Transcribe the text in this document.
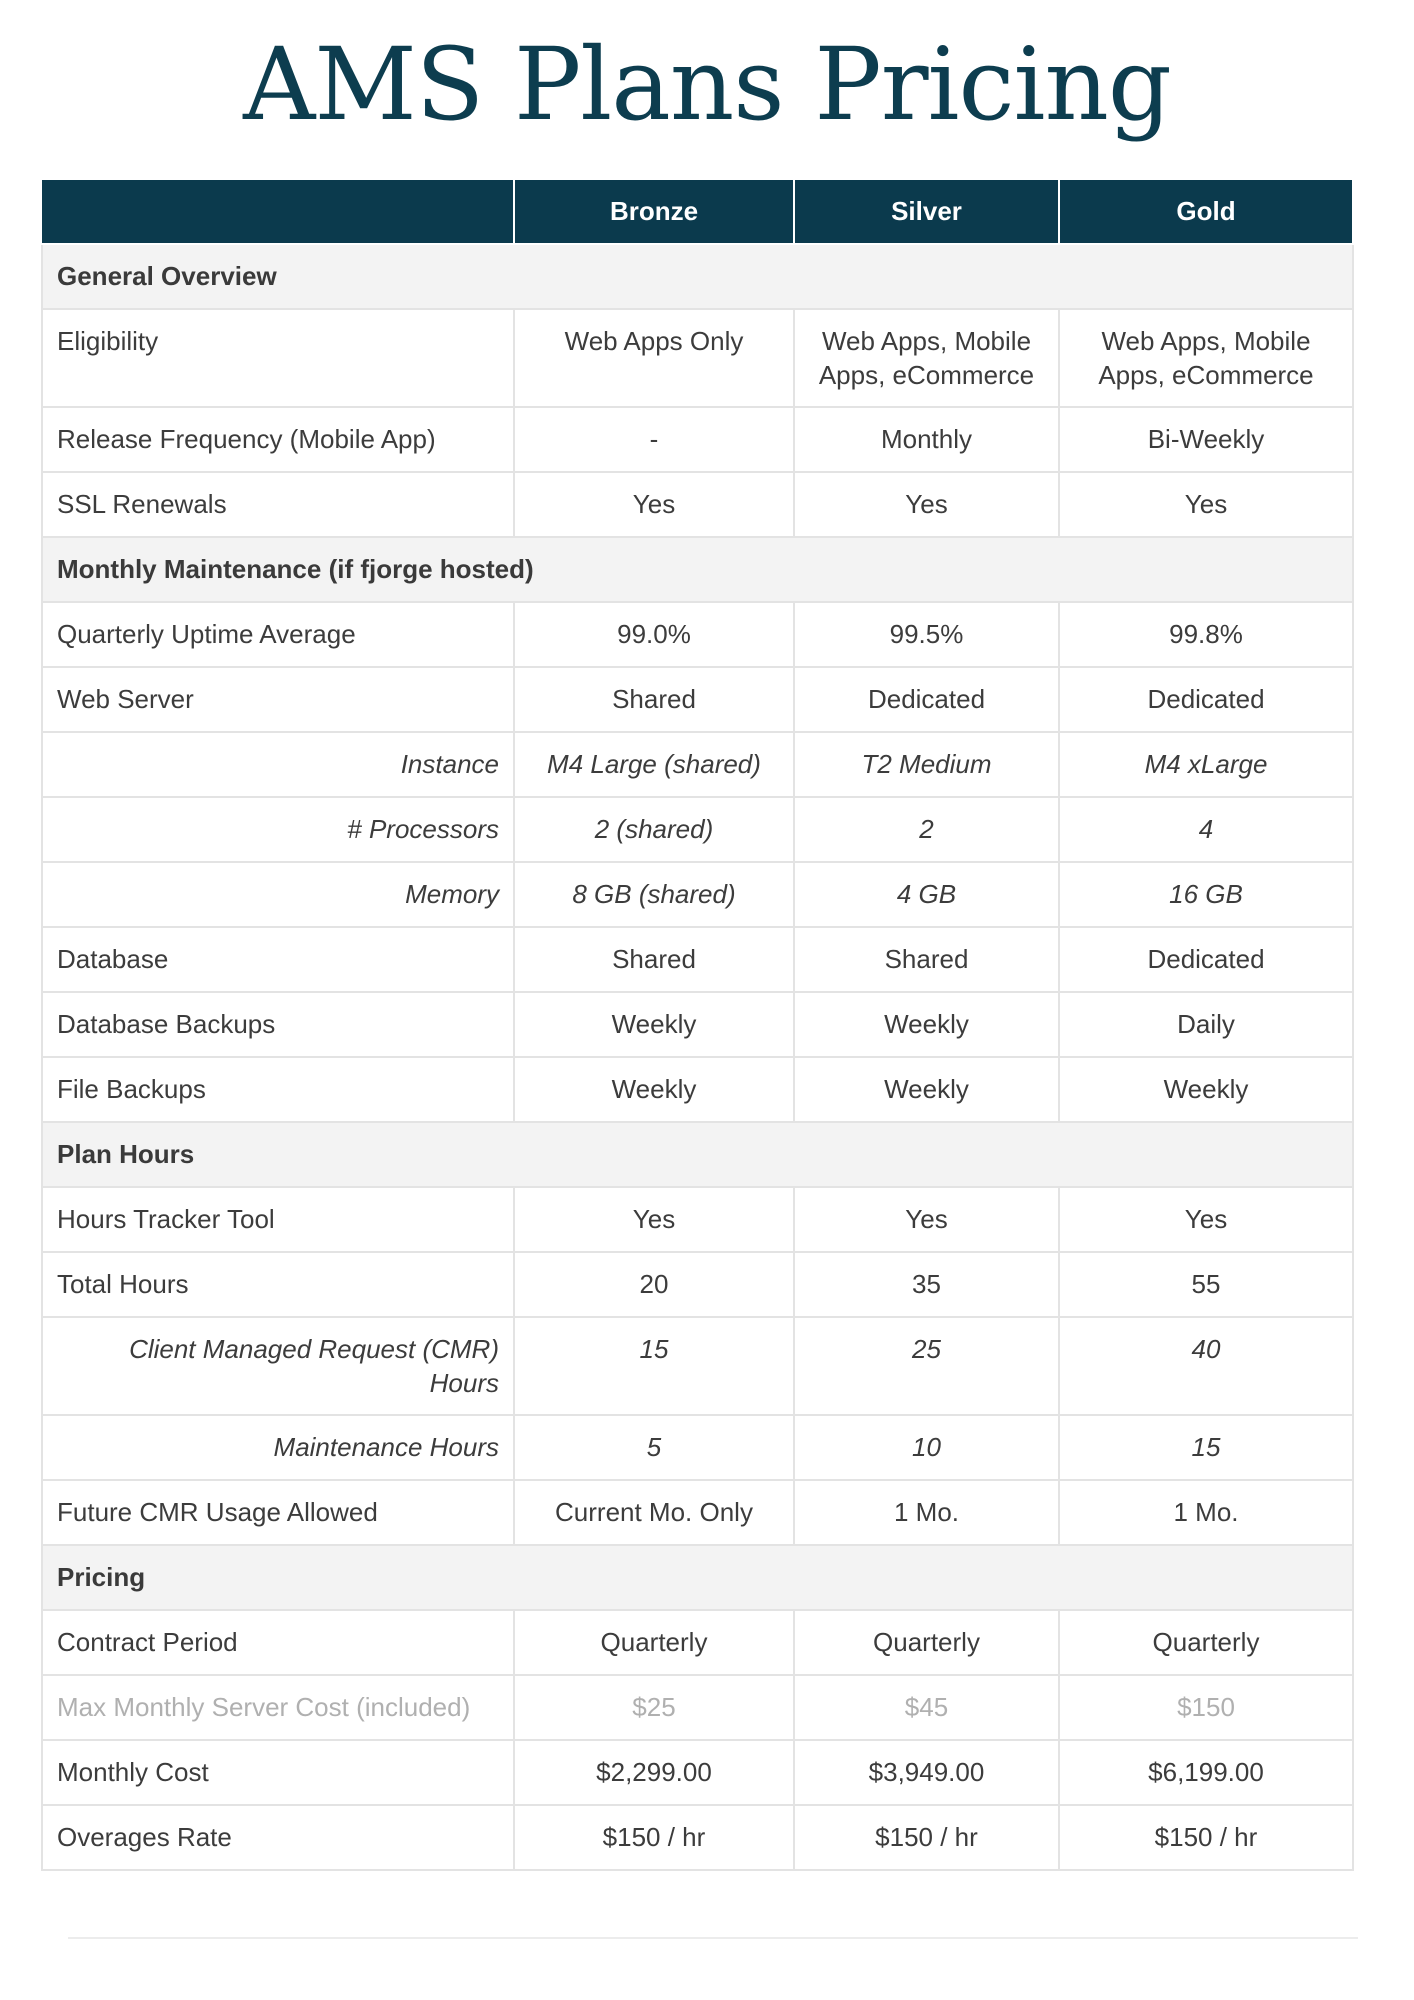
AMS Plans Pricing
	Bronze	Silver	Gold
General Overview			
Eligibility	Web Apps Only	Web Apps, Mobile Apps, eCommerce	Web Apps, Mobile Apps, eCommerce
Release Frequency (Mobile App)	-	Monthly	Bi-Weekly
SSL Renewals	Yes	Yes	Yes
Monthly Maintenance (if fjorge hosted)			
Quarterly Uptime Average	99.0%	99.5%	99.8%
Web Server	Shared	Dedicated	Dedicated
Instance	M4 Large (shared)	T2 Medium	M4 xLarge
# Processors	2 (shared)	2	4
Memory	8 GB (shared)	4 GB	16 GB
Database	Shared	Shared	Dedicated
Database Backups	Weekly	Weekly	Daily
File Backups	Weekly	Weekly	Weekly
Plan Hours			
Hours Tracker Tool	Yes	Yes	Yes
Total Hours	20	35	55
Client Managed Request (CMR) Hours	15	25	40
Maintenance Hours	5	10	15
Future CMR Usage Allowed	Current Mo. Only	1 Mo.	1 Mo.
Pricing			
Contract Period	Quarterly	Quarterly	Quarterly
Max Monthly Server Cost (included)	$25	$45	$150
Monthly Cost	$2,299.00	$3,949.00	$6,199.00
Overages Rate	$150 / hr	$150 / hr	$150 / hr
